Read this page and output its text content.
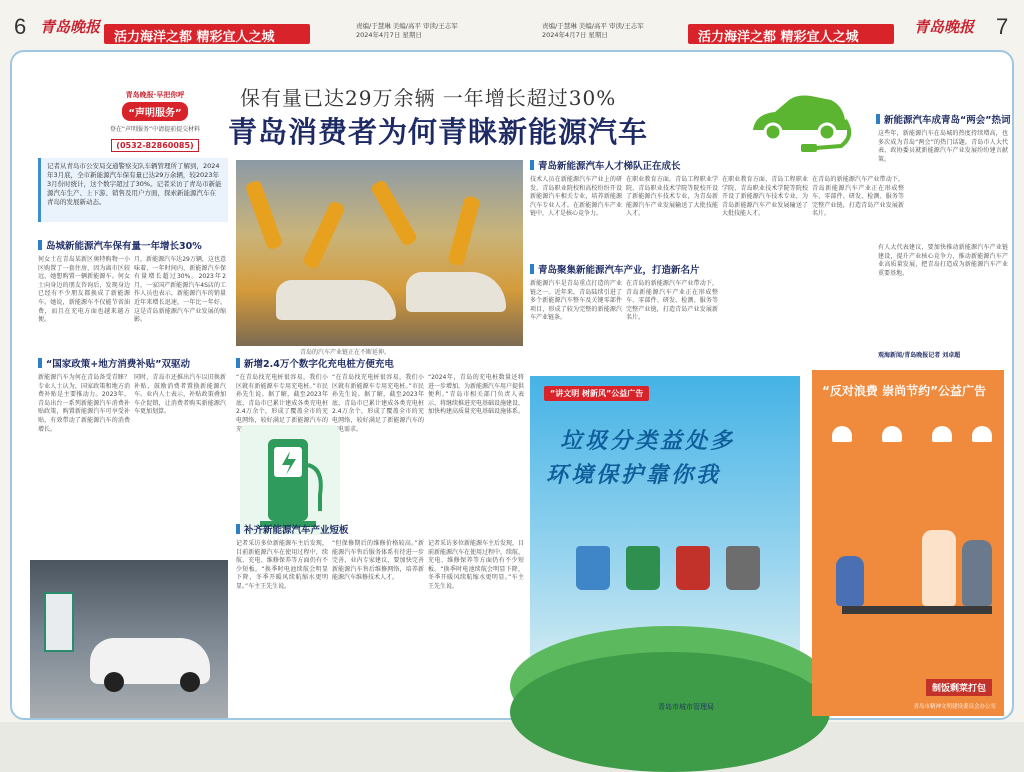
6 青岛晚报
活力海洋之都 精彩宜人之城
责编/于慧琳 美编/高平 审读/王志军
2024年4月7日 星期日
责编/于慧琳 美编/高平 审读/王志军
2024年4月7日 星期日	活力海洋之都 精彩宜人之城
青岛晚报 7
青岛晚报·早把你呼
“声明服务”
登在“声明服务”中请提前提交材料
(0532-82860085)
保有量已达29万余辆 一年增长超过30%
青岛消费者为何青睐新能源汽车
记者从青岛市公安局交通警察支队车辆管理所了解到，2024年3月底，全市新能源汽车保有量已达29万余辆，较2023年3月份时统计，这个数字超过了30%。记者采访了青岛市新能源汽车生产、上下游、销售及用户方面，探索新能源汽车在青岛的发展新动态。
岛城新能源汽车保有量一年增长30%
何女士在青岛某新区奥特购物一小区购置了一套住房，因为离市区较远，她想购置一辆新能源车。何女士向身边的朋友咨询后，发现身边已经有不少朋友都换成了新能源车。她说，新能源车不仅能节省油费，而且在充电方面也越来越方便。
月，新能源汽车达29万辆，这也意味着，一年时间内，新能源汽车保有量增长超过30%。2023年2月，一家国产新能源汽车4S店的工作人员也表示，新能源汽车的销量近年来增长迅速，一年比一年好。这是青岛新能源汽车产业发展的缩影。
“国家政策+地方消费补贴”双驱动
新能源汽车为何在青岛备受青睐？专业人士认为，国家政策和地方消费补贴是主要推动力。2023年，青岛出台一系列新能源汽车消费补贴政策，购置新能源汽车可享受补贴，有效带动了新能源汽车的消费增长。
同时，青岛市还推出汽车以旧换新补贴，鼓励消费者置换新能源汽车。业内人士表示，补贴政策叠加车企促销，让消费者购买新能源汽车更加划算。
青岛的汽车产业链正在不断延伸。
新增2.4万个数字化充电桩方便充电
“在青岛找充电桩很容易，我们小区就有新能源车专用充电桩。”市民孙先生说。据了解，截至2023年底，青岛市已累计建成各类充电桩2.4万余个，形成了覆盖全市的充电网络，较好满足了新能源汽车的充电需求。
“在青岛找充电桩很容易，我们小区就有新能源车专用充电桩。”市民孙先生说。据了解，截至2023年底，青岛市已累计建成各类充电桩2.4万余个，形成了覆盖全市的充电网络，较好满足了新能源汽车的充电需求。
“2024年，青岛的充电桩数量还将进一步增加，为新能源汽车用户提供便利。”青岛市相关部门负责人表示，将继续推进充电基础设施建设，加快构建高质量充电基础设施体系。
补齐新能源汽车产业短板
记者采访多位新能源车主后发现，目前新能源汽车在使用过程中，续航、充电、维修保养等方面仍有不少短板。“换季时电池续航会明显下降，冬季开暖风续航缩水更明显。”车主王先生说。
“但保修期后的维修价格较高。”新能源汽车售后服务体系有待进一步完善，业内专家建议，要加快完善新能源汽车售后维修网络，培养新能源汽车维修技术人才。
记者采访多位新能源车主后发现，目前新能源汽车在使用过程中，续航、充电、维修保养等方面仍有不少短板。“换季时电池续航会明显下降，冬季开暖风续航缩水更明显。”车主王先生说。
青岛新能源汽车人才梯队正在成长
技术人员在新能源汽车产业上的研发，青岛职业院校和高校纷纷开设新能源汽车相关专业，培养新能源汽车专业人才。在新能源汽车产业链中，人才是核心竞争力。
在职业教育方面，青岛工程职业学院、青岛职业技术学院等院校开设了新能源汽车技术专业，为青岛新能源汽车产业发展输送了大批技能人才。
在职业教育方面，青岛工程职业学院、青岛职业技术学院等院校开设了新能源汽车技术专业，为青岛新能源汽车产业发展输送了大批技能人才。
青岛聚集新能源汽车产业，打造新名片
新能源汽车是青岛重点打造的产业链之一。近年来，青岛陆续引进了多个新能源汽车整车及关键零部件项目，形成了较为完整的新能源汽车产业链条。
在青岛的新能源汽车产业带动下，青岛新能源汽车产业正在形成整车、零部件、研发、检测、服务等完整产业链，打造青岛产业发展新名片。
在青岛的新能源汽车产业带动下，青岛新能源汽车产业正在形成整车、零部件、研发、检测、服务等完整产业链，打造青岛产业发展新名片。
新能源汽车成青岛“两会”热词
这些年，新能源汽车在岛城的热度持续增高，也多次成为青岛“两会”的热门话题。青岛市人大代表、政协委员就新能源汽车产业发展纷纷建言献策。
有人大代表建议，要加快推动新能源汽车产业链建设，提升产业核心竞争力，推动新能源汽车产业高质量发展，把青岛打造成为新能源汽车产业重要基地。
观海新闻/青岛晚报记者 刘卓超
“讲文明 树新风”公益广告
垃圾分类益处多
环境保护靠你我
青岛市城市管理局
“反对浪费 崇尚节约”公益广告
制饭剩菜打包
青岛市精神文明建设委员会办公室
